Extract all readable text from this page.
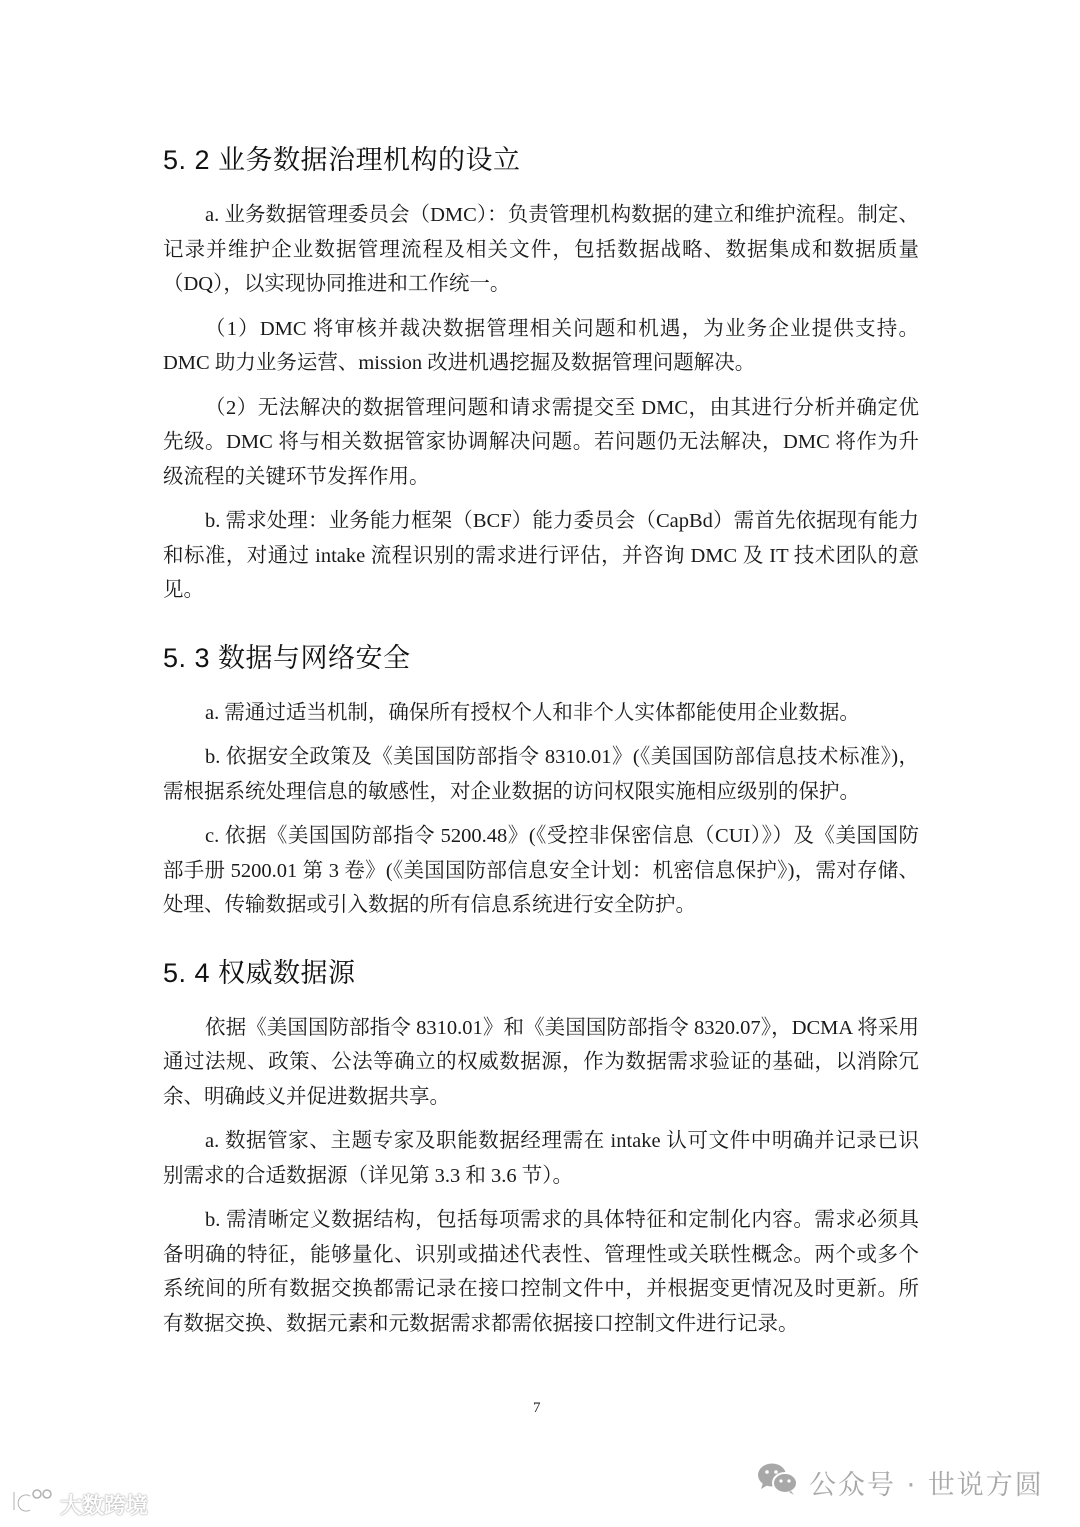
5. 2 业务数据治理机构的设立

a. 业务数据管理委员会（DMC）：负责管理机构数据的建立和维护流程。制定、记录并维护企业数据管理流程及相关文件，包括数据战略、数据集成和数据质量（DQ），以实现协同推进和工作统一。

（1）DMC 将审核并裁决数据管理相关问题和机遇，为业务企业提供支持。DMC 助力业务运营、mission 改进机遇挖掘及数据管理问题解决。

（2）无法解决的数据管理问题和请求需提交至 DMC，由其进行分析并确定优先级。DMC 将与相关数据管家协调解决问题。若问题仍无法解决，DMC 将作为升级流程的关键环节发挥作用。

b. 需求处理：业务能力框架（BCF）能力委员会（CapBd）需首先依据现有能力和标准，对通过 intake 流程识别的需求进行评估，并咨询 DMC 及 IT 技术团队的意见。

5. 3 数据与网络安全

a. 需通过适当机制，确保所有授权个人和非个人实体都能使用企业数据。

b. 依据安全政策及《美国国防部指令 8310.01》(《美国国防部信息技术标准》)，需根据系统处理信息的敏感性，对企业数据的访问权限实施相应级别的保护。

c. 依据《美国国防部指令 5200.48》(《受控非保密信息（CUI）》）及《美国国防部手册 5200.01 第 3 卷》(《美国国防部信息安全计划：机密信息保护》)，需对存储、处理、传输数据或引入数据的所有信息系统进行安全防护。

5. 4 权威数据源

依据《美国国防部指令 8310.01》和《美国国防部指令 8320.07》，DCMA 将采用通过法规、政策、公法等确立的权威数据源，作为数据需求验证的基础，以消除冗余、明确歧义并促进数据共享。

a. 数据管家、主题专家及职能数据经理需在 intake 认可文件中明确并记录已识别需求的合适数据源（详见第 3.3 和 3.6 节）。

b. 需清晰定义数据结构，包括每项需求的具体特征和定制化内容。需求必须具备明确的特征，能够量化、识别或描述代表性、管理性或关联性概念。两个或多个系统间的所有数据交换都需记录在接口控制文件中，并根据变更情况及时更新。所有数据交换、数据元素和元数据需求都需依据接口控制文件进行记录。

7
公众号 · 世说方圆
大数跨境
